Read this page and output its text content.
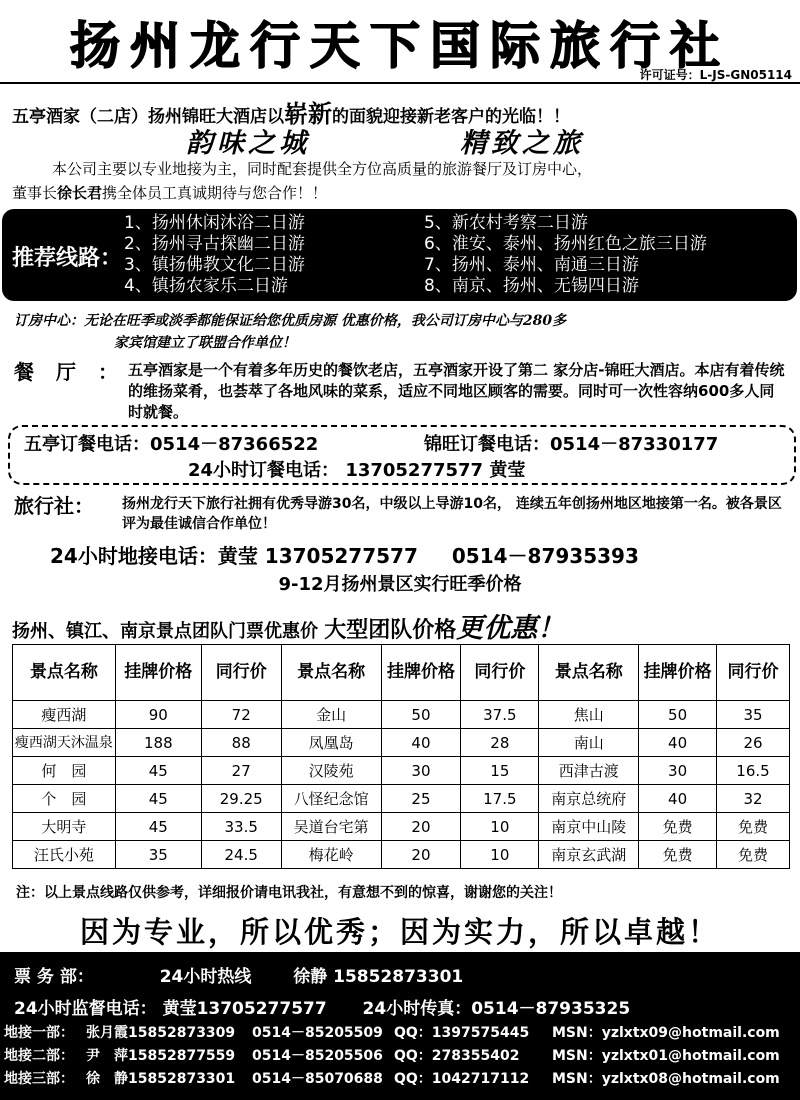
扬州龙行天下国际旅行社
许可证号：L-JS-GN05114
五亭酒家（二店）扬州锦旺大酒店以崭新的面貌迎接新老客户的光临！！
韵味之城	精致之旅
本公司主要以专业地接为主，同时配套提供全方位高质量的旅游餐厅及订房中心，
董事长徐长君携全体员工真诚期待与您合作！！
推荐线路：
1、扬州休闲沐浴二日游
2、扬州寻古探幽二日游
3、镇扬佛教文化二日游
4、镇扬农家乐二日游
5、新农村考察二日游
6、淮安、泰州、扬州红色之旅三日游
7、扬州、泰州、南通三日游
8、南京、扬州、无锡四日游
订房中心：无论在旺季或淡季都能保证给您优质房源 优惠价格，我公司订房中心与280多
家宾馆建立了联盟合作单位！
餐厅：
五亭酒家是一个有着多年历史的餐饮老店，五亭酒家开设了第二 家分店-锦旺大酒店。本店有着传统的维扬菜肴，也荟萃了各地风味的菜系，适应不同地区顾客的需要。同时可一次性容纳600多人同时就餐。
五亭订餐电话：0514－87366522	锦旺订餐电话：0514－87330177
24小时订餐电话： 13705277577 黄莹
旅行社： 扬州龙行天下旅行社拥有优秀导游30名，中级以上导游10名， 连续五年创扬州地区地接第一名。被各景区评为最佳诚信合作单位！
24小时地接电话：黄莹 13705277577 0514－87935393
9-12月扬州景区实行旺季价格
扬州、镇江、南京景点团队门票优惠价 大型团队价格更优惠！
景点名称	挂牌价格	同行价	景点名称	挂牌价格	同行价	景点名称	挂牌价格	同行价
瘦西湖	90	72	金山	50	37.5	焦山	50	35
瘦西湖天沐温泉	188	88	凤凰岛	40	28	南山	40	26
何　园	45	27	汉陵苑	30	15	西津古渡	30	16.5
个　园	45	29.25	八怪纪念馆	25	17.5	南京总统府	40	32
大明寺	45	33.5	吴道台宅第	20	10	南京中山陵	免费	免费
汪氏小苑	35	24.5	梅花岭	20	10	南京玄武湖	免费	免费
注：以上景点线路仅供参考，详细报价请电讯我社，有意想不到的惊喜，谢谢您的关注！
因为专业，所以优秀；因为实力，所以卓越！
票 务 部：	24小时热线 徐静 15852873301
24小时监督电话： 黄莹13705277577 24小时传真：0514－87935325
地接一部： 张月霞15852873309 0514－85205509 QQ：1397575445 MSN：yzlxtx09@hotmail.com
地接二部： 尹　萍15852877559 0514－85205506 QQ：278355402 MSN：yzlxtx01@hotmail.com
地接三部： 徐　静15852873301 0514－85070688 QQ：1042717112 MSN：yzlxtx08@hotmail.com
